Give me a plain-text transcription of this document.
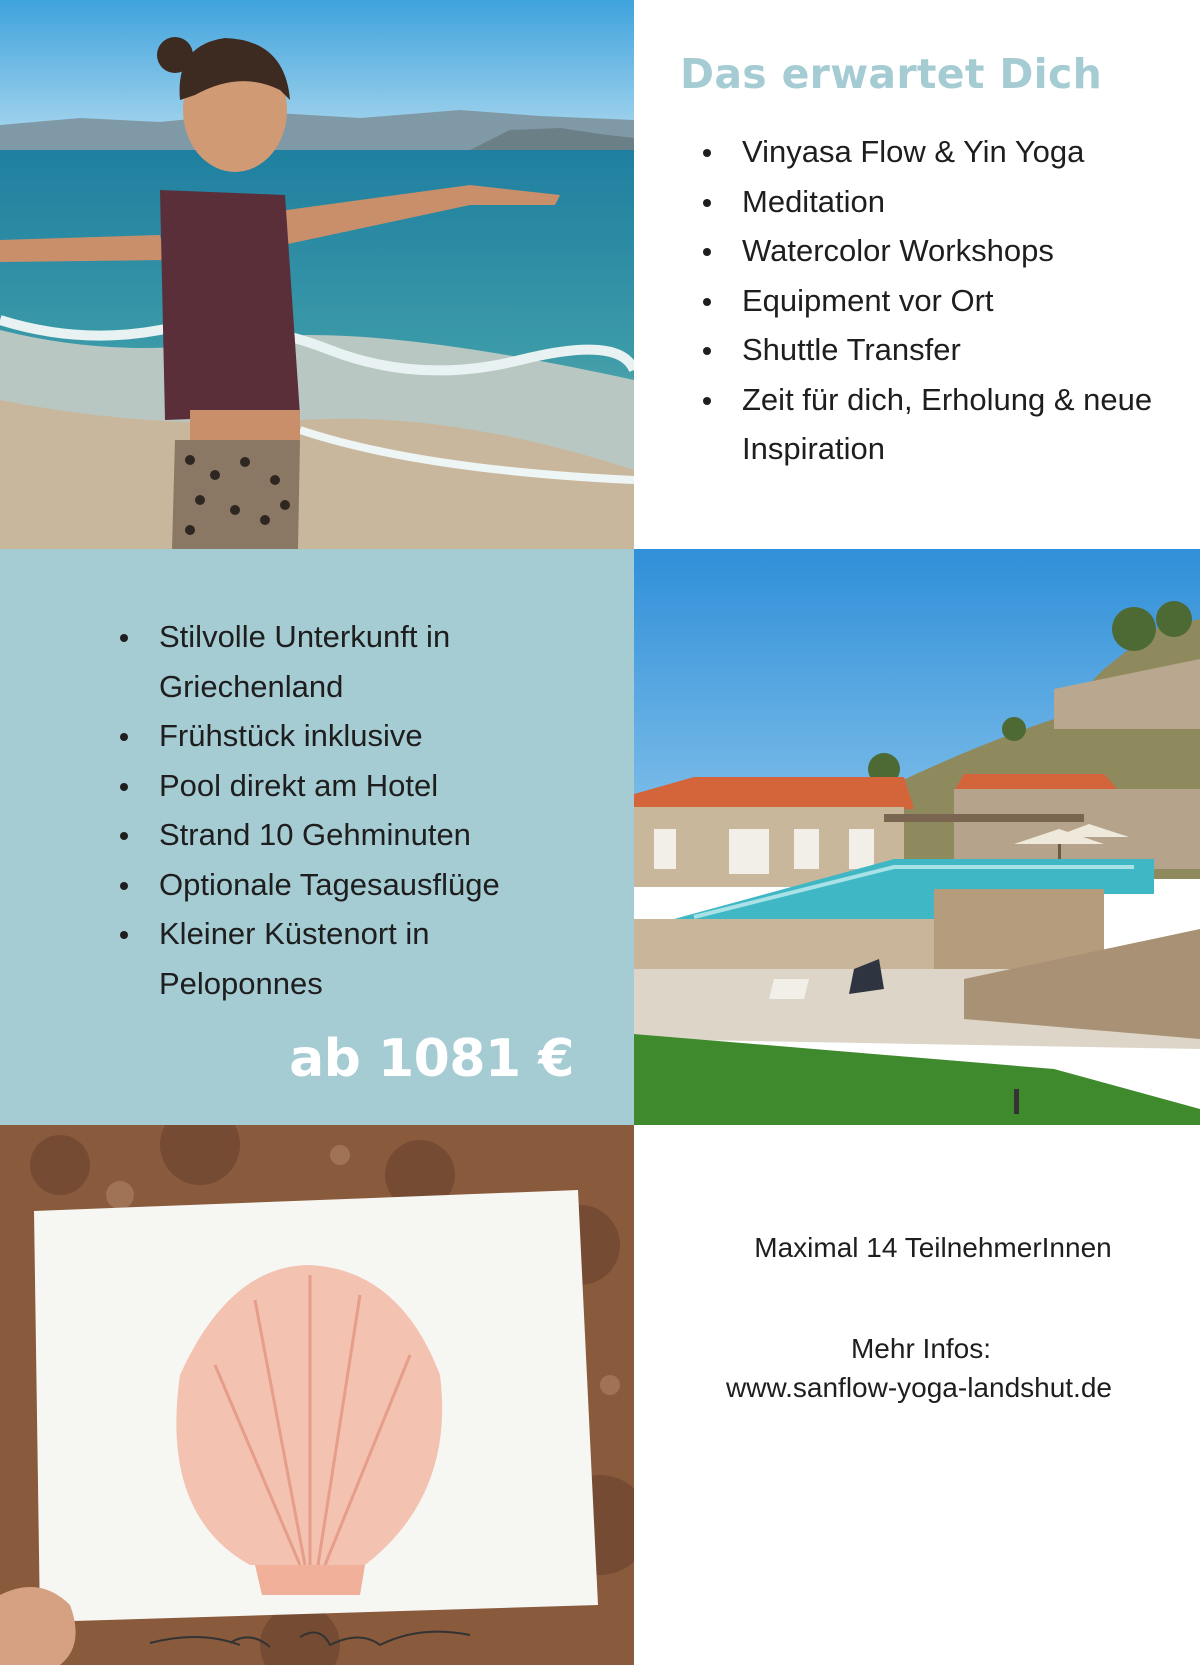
Das erwartet Dich
Vinyasa Flow & Yin Yoga
Meditation
Watercolor Workshops
Equipment vor Ort
Shuttle Transfer
Zeit für dich, Erholung & neue Inspiration
Stilvolle Unterkunft in Griechenland
Frühstück inklusive
Pool direkt am Hotel
Strand 10 Gehminuten
Optionale Tagesausflüge
Kleiner Küstenort in Peloponnes
ab 1081 €
Maximal 14 TeilnehmerInnen
Mehr Infos:
www.sanflow-yoga-landshut.de
